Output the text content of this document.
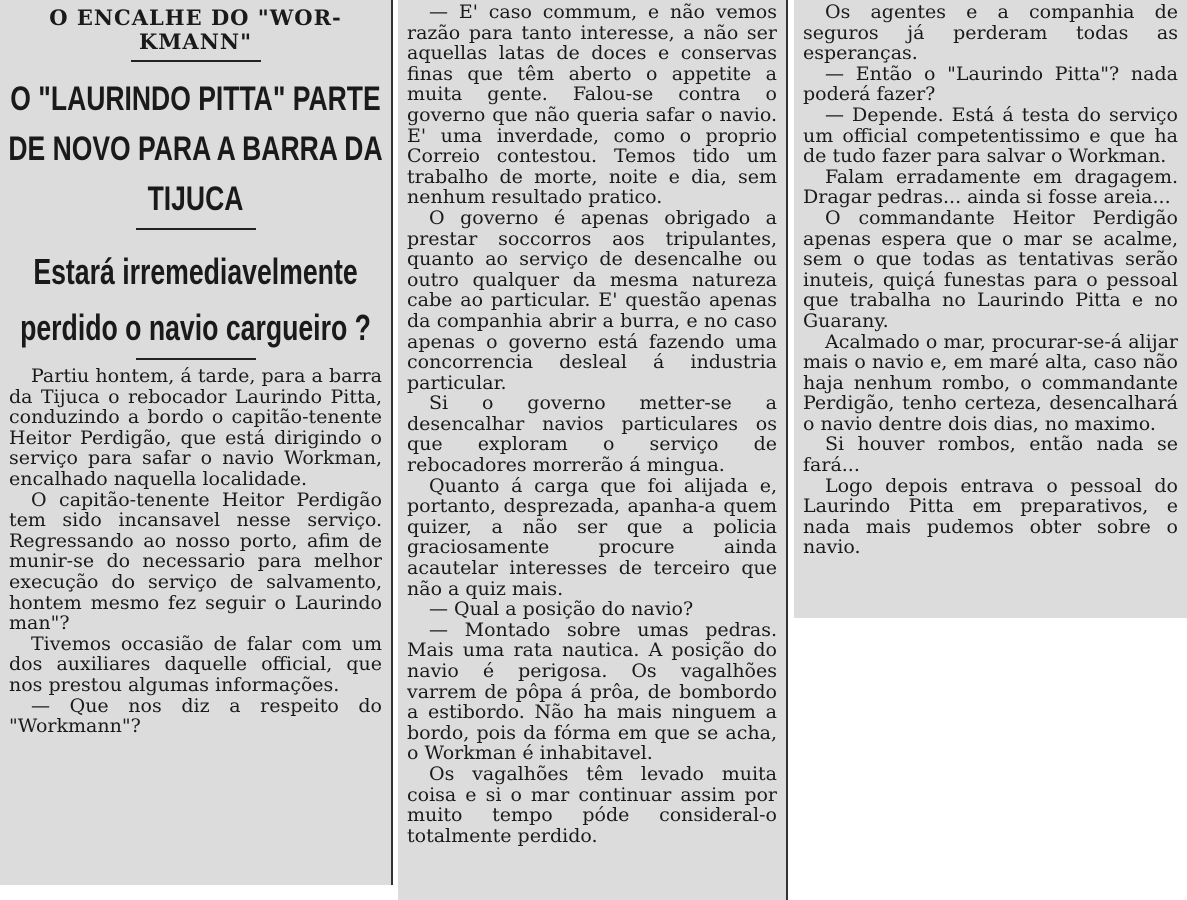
O ENCALHE DO "WOR-KMANN"
O "LAURINDO PITTA" PARTE DE NOVO PARA A BARRA DA TIJUCA
Estará irremediavelmente perdido o navio cargueiro ?

Partiu hontem, á tarde, para a barra da Tijuca o rebocador Laurindo Pitta, conduzindo a bordo o capitão-tenente Heitor Perdigão, que está dirigindo o serviço para safar o navio Workman, encalhado naquella localidade.

O capitão-tenente Heitor Perdigão tem sido incansavel nesse serviço. Regressando ao nosso porto, afim de munir-se do necessario para melhor execução do serviço de salvamento, hontem mesmo fez seguir o Laurindo man"?

Tivemos occasião de falar com um dos auxiliares daquelle official, que nos prestou algumas informações.

— Que nos diz a respeito do "Workmann"?

— E' caso commum, e não vemos razão para tanto interesse, a não ser aquellas latas de doces e conservas finas que têm aberto o appetite a muita gente. Falou-se contra o governo que não queria safar o navio. E' uma inverdade, como o proprio Correio contestou. Temos tido um trabalho de morte, noite e dia, sem nenhum resultado pratico.

O governo é apenas obrigado a prestar soccorros aos tripulantes, quanto ao serviço de desencalhe ou outro qualquer da mesma natureza cabe ao particular. E' questão apenas da companhia abrir a burra, e no caso apenas o governo está fazendo uma concorrencia desleal á industria particular.

Si o governo metter-se a desencalhar navios particulares os que exploram o serviço de rebocadores morrerão á mingua.

Quanto á carga que foi alijada e, portanto, desprezada, apanha-a quem quizer, a não ser que a policia graciosamente procure ainda acautelar interesses de terceiro que não a quiz mais.

— Qual a posição do navio?

— Montado sobre umas pedras. Mais uma rata nautica. A posição do navio é perigosa. Os vagalhões varrem de pôpa á prôa, de bombordo a estibordo. Não ha mais ninguem a bordo, pois da fórma em que se acha, o Workman é inhabitavel.

Os vagalhões têm levado muita coisa e si o mar continuar assim por muito tempo póde consideral-o totalmente perdido.

Os agentes e a companhia de seguros já perderam todas as esperanças.

— Então o "Laurindo Pitta"? nada poderá fazer?

— Depende. Está á testa do serviço um official competentissimo e que ha de tudo fazer para salvar o Workman.

Falam erradamente em dragagem. Dragar pedras... ainda si fosse areia...

O commandante Heitor Perdigão apenas espera que o mar se acalme, sem o que todas as tentativas serão inuteis, quiçá funestas para o pessoal que trabalha no Laurindo Pitta e no Guarany.

Acalmado o mar, procurar-se-á alijar mais o navio e, em maré alta, caso não haja nenhum rombo, o commandante Perdigão, tenho certeza, desencalhará o navio dentre dois dias, no maximo.

Si houver rombos, então nada se fará...

Logo depois entrava o pessoal do Laurindo Pitta em preparativos, e nada mais pudemos obter sobre o navio.
